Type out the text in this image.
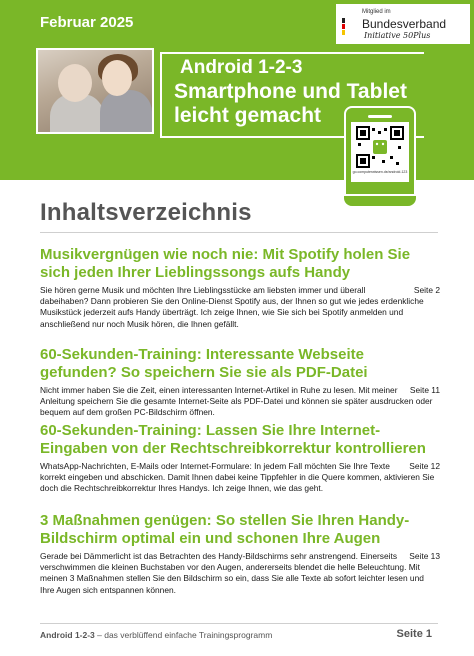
Februar 2025
Android 1-2-3
Smartphone und Tablet
leicht gemacht
Mitglied im
Bundesverband
Initiative 50Plus
go.computerwissen.de/android-123
Inhaltsverzeichnis
Musikvergnügen wie noch nie: Mit Spotify holen Sie sich jeden Ihrer Lieblingssongs aufs Handy

Seite 2
Sie hören gerne Musik und möchten Ihre Lieblingsstücke am liebsten immer und überall dabeihaben? Dann probieren Sie den Online-Dienst Spotify aus, der Ihnen so gut wie jedes erdenkliche Musikstück jederzeit aufs Handy überträgt. Ich zeige Ihnen, wie Sie sich bei Spotify anmelden und anschließend nur noch Musik hören, die Ihnen gefällt.

60-Sekunden-Training: Interessante Webseite gefunden? So speichern Sie sie als PDF-Datei

Seite 11
Nicht immer haben Sie die Zeit, einen interessanten Internet-Artikel in Ruhe zu lesen. Mit meiner Anleitung speichern Sie die gesamte Internet-Seite als PDF-Datei und können sie später ausdrucken oder bequem auf dem großen PC-Bildschirm öffnen.

60-Sekunden-Training: Lassen Sie Ihre Internet-Eingaben von der Rechtschreibkorrektur kontrollieren

Seite 12
WhatsApp-Nachrichten, E-Mails oder Internet-Formulare: In jedem Fall möchten Sie Ihre Texte korrekt eingeben und abschicken. Damit Ihnen dabei keine Tippfehler in die Quere kommen, aktivieren Sie doch die Rechtschreibkorrektur Ihres Handys. Ich zeige Ihnen, wie das geht.

3 Maßnahmen genügen: So stellen Sie Ihren Handy-Bildschirm optimal ein und schonen Ihre Augen

Seite 13
Gerade bei Dämmerlicht ist das Betrachten des Handy-Bildschirms sehr anstrengend. Einerseits verschwimmen die kleinen Buchstaben vor den Augen, andererseits blendet die helle Beleuchtung. Mit meinen 3 Maßnahmen stellen Sie den Bildschirm so ein, dass Sie alle Texte ab sofort leichter lesen und Ihre Augen sich entspannen können.

Android 1-2-3 – das verblüffend einfache Trainingsprogramm	Seite 1
